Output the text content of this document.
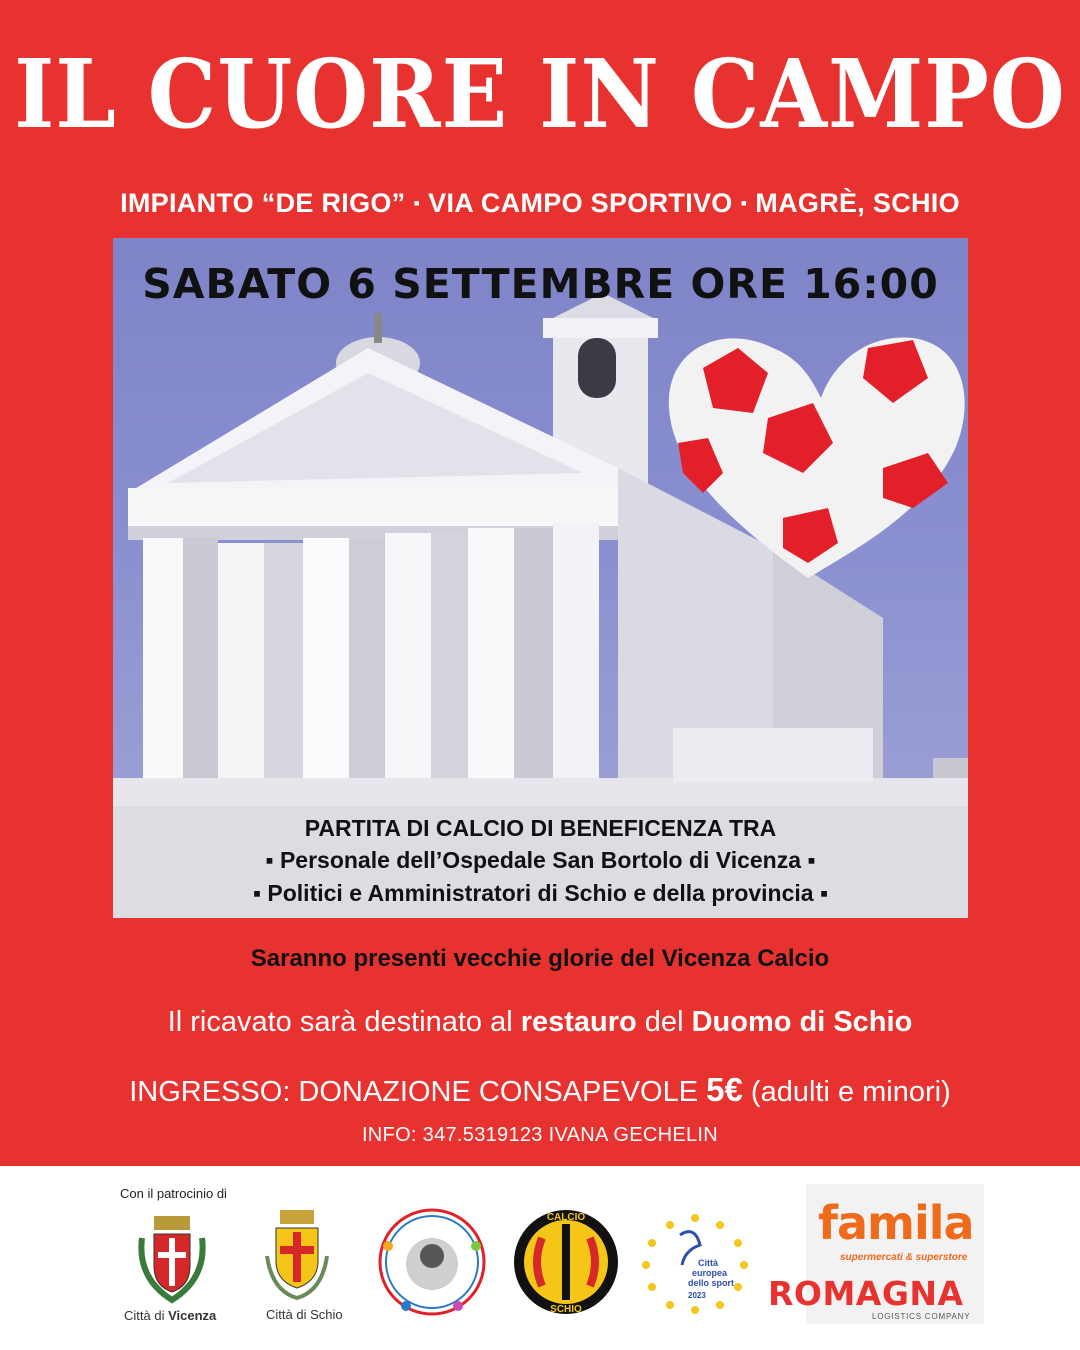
IL CUORE IN CAMPO
IMPIANTO “DE RIGO” ▪ VIA CAMPO SPORTIVO ▪ MAGRÈ, SCHIO
SABATO 6 SETTEMBRE ORE 16:00
PARTITA DI CALCIO DI BENEFICENZA TRA
▪ Personale dell’Ospedale San Bortolo di Vicenza ▪
▪ Politici e Amministratori di Schio e della provincia ▪
Saranno presenti vecchie glorie del Vicenza Calcio
Il ricavato sarà destinato al restauro del Duomo di Schio
INGRESSO: DONAZIONE CONSAPEVOLE 5€ (adulti e minori)
INFO: 347.5319123 IVANA GECHELIN
Con il patrocinio di
Città di Vicenza	Città di Schio
CALCIO
SCHIO
Città
europea
dello sport
2023
famila
supermercati & superstore
ROMAGNA
LOGISTICS COMPANY
